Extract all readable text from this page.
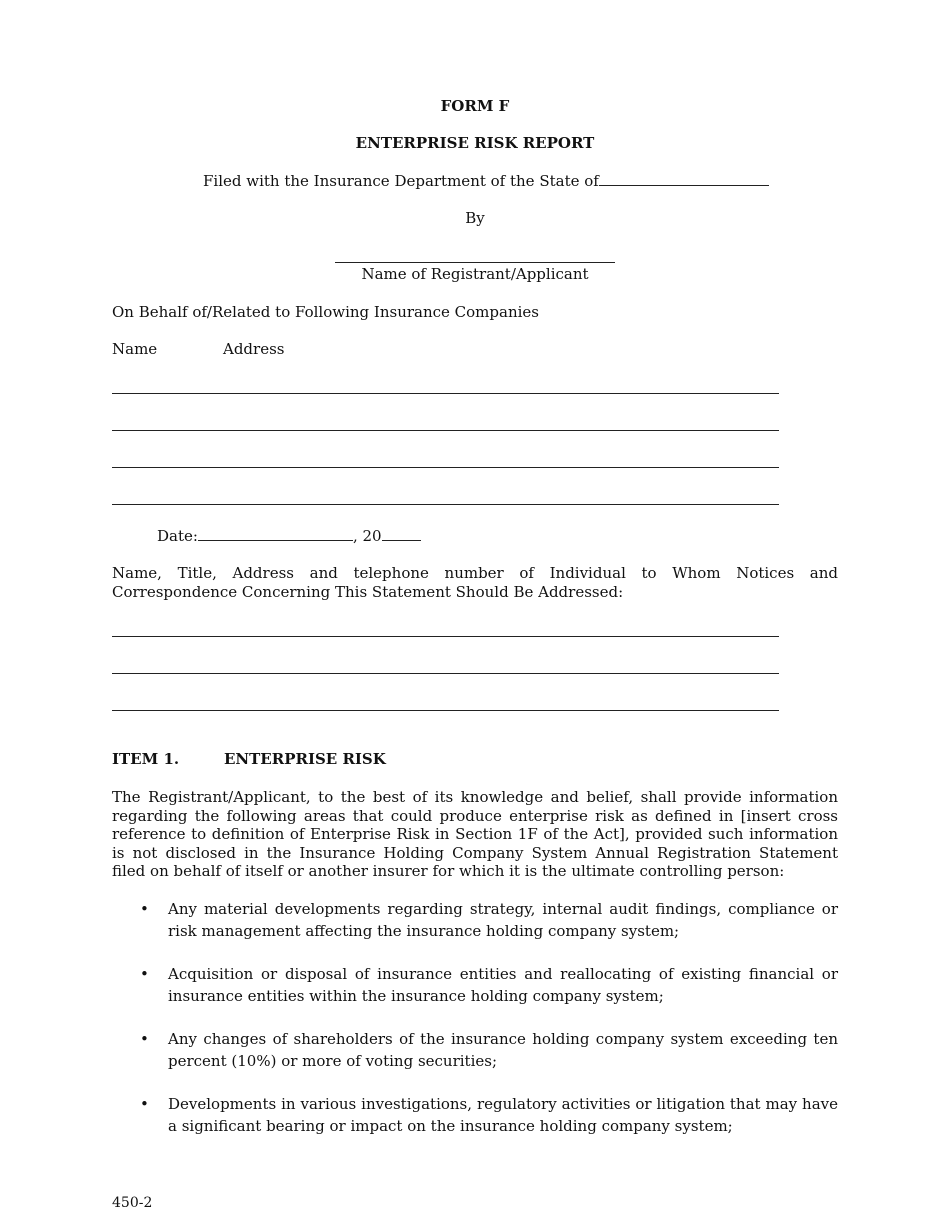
FORM F
ENTERPRISE RISK REPORT
Filed with the Insurance Department of the State of
By
Name of Registrant/Applicant
On Behalf of/Related to Following Insurance Companies
Name	Address
Date:	, 20
Name, Title, Address and telephone number of Individual to Whom Notices and Correspondence Concerning This Statement Should Be Addressed:
ITEM 1.	ENTERPRISE RISK
The Registrant/Applicant, to the best of its knowledge and belief, shall provide information regarding the following areas that could produce enterprise risk as defined in [insert cross reference to definition of Enterprise Risk in Section 1F of the Act], provided such information is not disclosed in the Insurance Holding Company System Annual Registration Statement filed on behalf of itself or another insurer for which it is the ultimate controlling person:
• Any material developments regarding strategy, internal audit findings, compliance or risk management affecting the insurance holding company system;
• Acquisition or disposal of insurance entities and reallocating of existing financial or insurance entities within the insurance holding company system;
• Any changes of shareholders of the insurance holding company system exceeding ten percent (10%) or more of voting securities;
• Developments in various investigations, regulatory activities or litigation that may have a significant bearing or impact on the insurance holding company system;
450-2
